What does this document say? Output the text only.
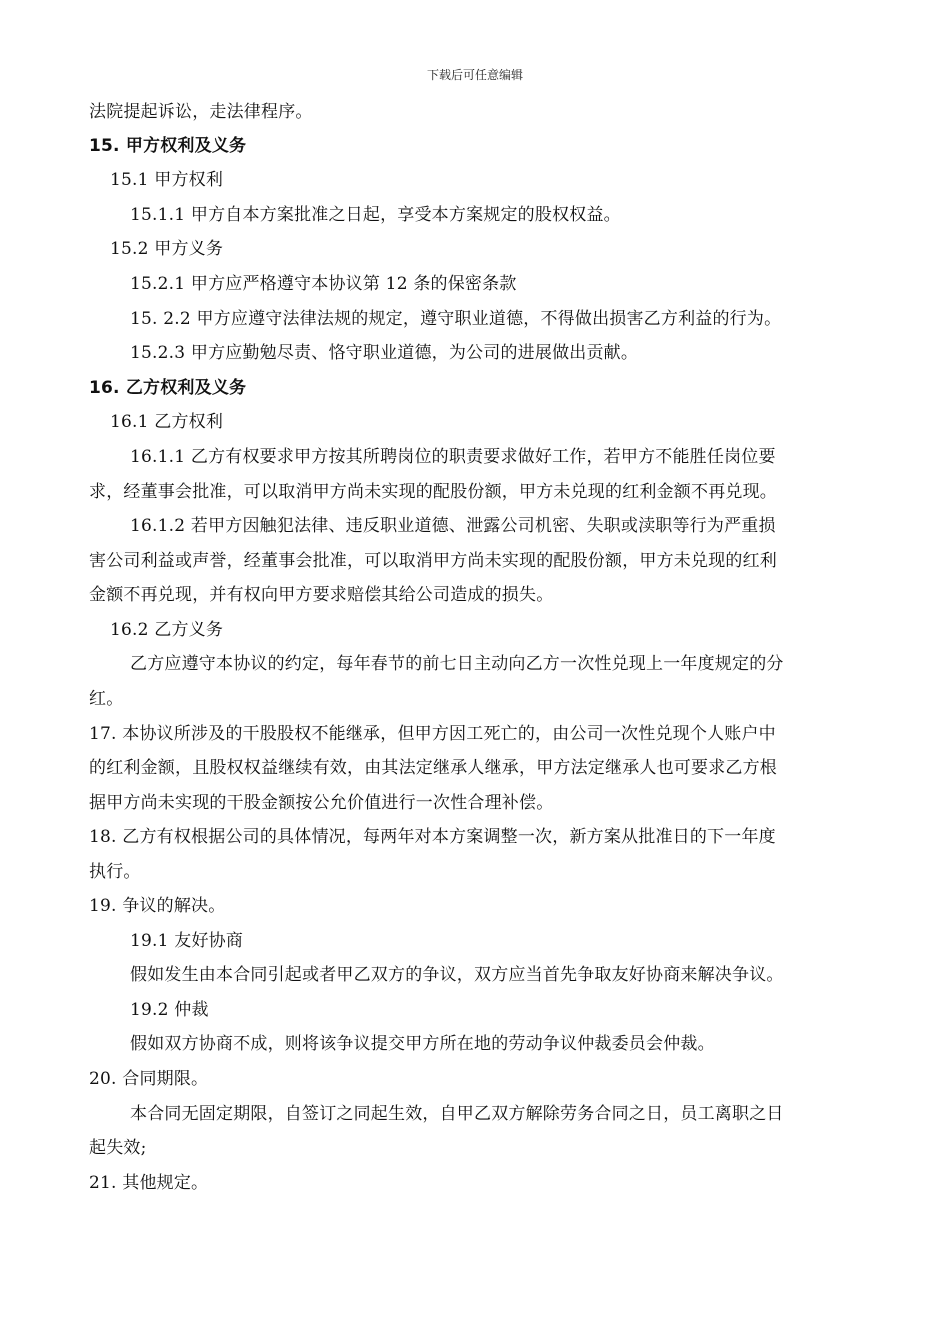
下载后可任意编辑
法院提起诉讼，走法律程序。
15. 甲方权利及义务
15.1 甲方权利
15.1.1 甲方自本方案批准之日起，享受本方案规定的股权权益。
15.2 甲方义务
15.2.1 甲方应严格遵守本协议第 12 条的保密条款
15. 2.2 甲方应遵守法律法规的规定，遵守职业道德，不得做出损害乙方利益的行为。
15.2.3 甲方应勤勉尽责、恪守职业道德，为公司的进展做出贡献。
16. 乙方权利及义务
16.1 乙方权利
16.1.1 乙方有权要求甲方按其所聘岗位的职责要求做好工作，若甲方不能胜任岗位要
求，经董事会批准，可以取消甲方尚未实现的配股份额，甲方未兑现的红利金额不再兑现。
16.1.2 若甲方因触犯法律、违反职业道德、泄露公司机密、失职或渎职等行为严重损
害公司利益或声誉，经董事会批准，可以取消甲方尚未实现的配股份额，甲方未兑现的红利
金额不再兑现，并有权向甲方要求赔偿其给公司造成的损失。
16.2 乙方义务
乙方应遵守本协议的约定，每年春节的前七日主动向乙方一次性兑现上一年度规定的分
红。
17. 本协议所涉及的干股股权不能继承，但甲方因工死亡的，由公司一次性兑现个人账户中
的红利金额，且股权权益继续有效，由其法定继承人继承，甲方法定继承人也可要求乙方根
据甲方尚未实现的干股金额按公允价值进行一次性合理补偿。
18. 乙方有权根据公司的具体情况，每两年对本方案调整一次，新方案从批准日的下一年度
执行。
19. 争议的解决。
19.1 友好协商
假如发生由本合同引起或者甲乙双方的争议，双方应当首先争取友好协商来解决争议。
19.2 仲裁
假如双方协商不成，则将该争议提交甲方所在地的劳动争议仲裁委员会仲裁。
20. 合同期限。
本合同无固定期限，自签订之同起生效，自甲乙双方解除劳务合同之日，员工离职之日
起失效;
21. 其他规定。
